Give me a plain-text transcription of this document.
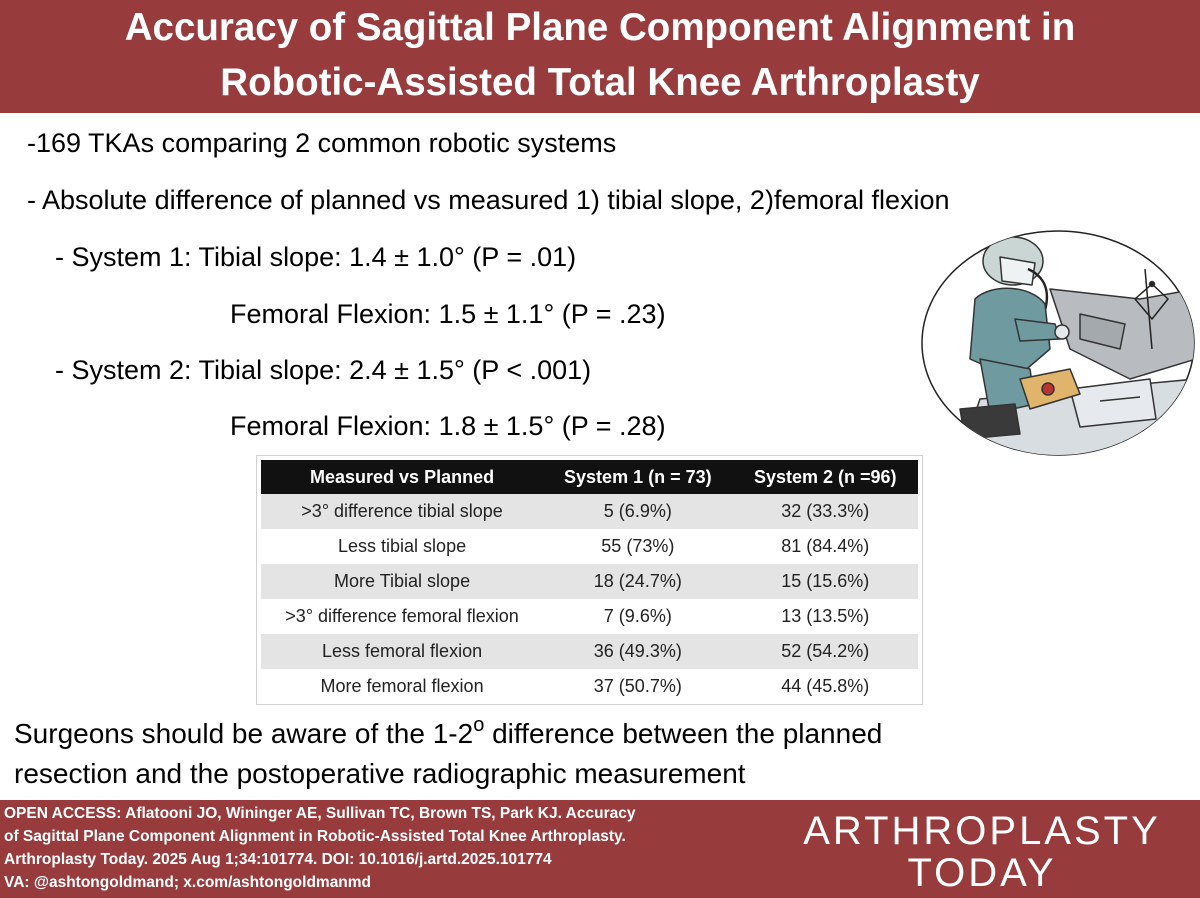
Accuracy of Sagittal Plane Component Alignment in
Robotic-Assisted Total Knee Arthroplasty
-169 TKAs comparing 2 common robotic systems
- Absolute difference of planned vs measured 1) tibial slope, 2)femoral flexion
- System 1: Tibial slope: 1.4 ± 1.0° (P = .01)
Femoral Flexion: 1.5 ± 1.1° (P = .23)
- System 2: Tibial slope: 2.4 ± 1.5° (P < .001)
Femoral Flexion: 1.8 ± 1.5° (P = .28)
Measured vs Planned	System 1 (n = 73)	System 2 (n =96)
>3° difference tibial slope	5 (6.9%)	32 (33.3%)
Less tibial slope	55 (73%)	81 (84.4%)
More Tibial slope	18 (24.7%)	15 (15.6%)
>3° difference femoral flexion	7 (9.6%)	13 (13.5%)
Less femoral flexion	36 (49.3%)	52 (54.2%)
More femoral flexion	37 (50.7%)	44 (45.8%)
Surgeons should be aware of the 1-2$^o$ difference between the planned
resection and the postoperative radiographic measurement
OPEN ACCESS: Aflatooni JO, Wininger AE, Sullivan TC, Brown TS, Park KJ. Accuracy
of Sagittal Plane Component Alignment in Robotic-Assisted Total Knee Arthroplasty.
Arthroplasty Today. 2025 Aug 1;34:101774. DOI: 10.1016/j.artd.2025.101774
VA: @ashtongoldmand; x.com/ashtongoldmanmd
ARTHROPLASTY
TODAY
